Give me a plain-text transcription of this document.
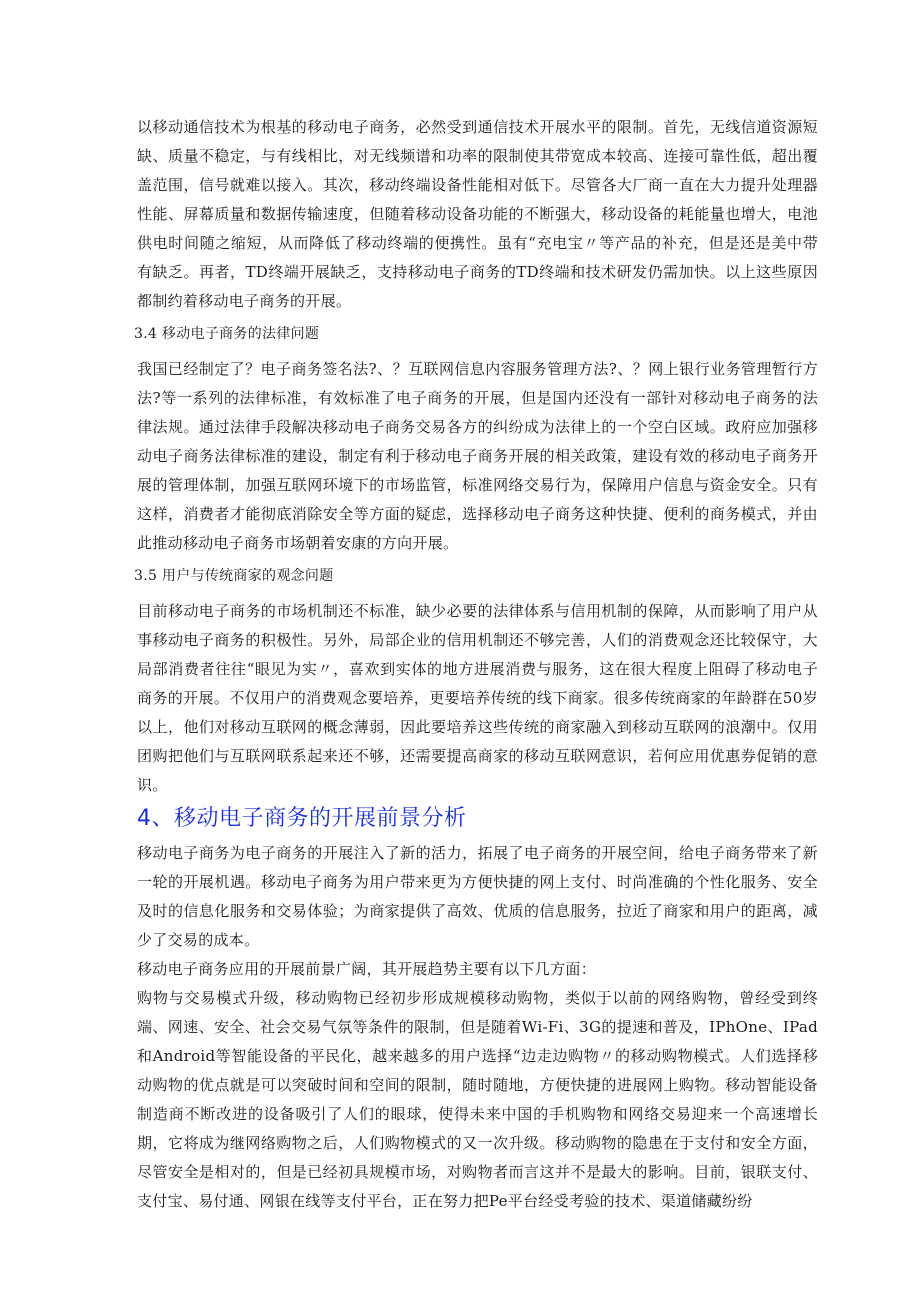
以移动通信技术为根基的移动电子商务，必然受到通信技术开展水平的限制。首先，无线信道资源短缺、质量不稳定，与有线相比，对无线频谱和功率的限制使其带宽成本较高、连接可靠性低，超出覆盖范围，信号就难以接入。其次，移动终端设备性能相对低下。尽管各大厂商一直在大力提升处理器性能、屏幕质量和数据传输速度，但随着移动设备功能的不断强大，移动设备的耗能量也增大，电池供电时间随之缩短，从而降低了移动终端的便携性。虽有“充电宝〃等产品的补充，但是还是美中带有缺乏。再者，TD终端开展缺乏，支持移动电子商务的TD终端和技术研发仍需加快。以上这些原因都制约着移动电子商务的开展。

3.4 移动电子商务的法律问题

我国已经制定了？电子商务签名法?、？互联网信息内容服务管理方法?、？网上银行业务管理暂行方法?等一系列的法律标准，有效标准了电子商务的开展，但是国内还没有一部针对移动电子商务的法律法规。通过法律手段解决移动电子商务交易各方的纠纷成为法律上的一个空白区域。政府应加强移动电子商务法律标准的建设，制定有利于移动电子商务开展的相关政策，建设有效的移动电子商务开展的管理体制，加强互联网环境下的市场监管，标准网络交易行为，保障用户信息与资金安全。只有这样，消费者才能彻底消除安全等方面的疑虑，选择移动电子商务这种快捷、便利的商务模式，并由此推动移动电子商务市场朝着安康的方向开展。

3.5 用户与传统商家的观念问题

目前移动电子商务的市场机制还不标准，缺少必要的法律体系与信用机制的保障，从而影响了用户从事移动电子商务的积极性。另外，局部企业的信用机制还不够完善，人们的消费观念还比较保守，大局部消费者往往“眼见为实〃，喜欢到实体的地方进展消费与服务，这在很大程度上阻碍了移动电子商务的开展。不仅用户的消费观念要培养，更要培养传统的线下商家。很多传统商家的年龄群在50岁以上，他们对移动互联网的概念薄弱，因此要培养这些传统的商家融入到移动互联网的浪潮中。仅用团购把他们与互联网联系起来还不够，还需要提高商家的移动互联网意识，若何应用优惠券促销的意识。

4、移动电子商务的开展前景分析

移动电子商务为电子商务的开展注入了新的活力，拓展了电子商务的开展空间，给电子商务带来了新一轮的开展机遇。移动电子商务为用户带来更为方便快捷的网上支付、时尚准确的个性化服务、安全及时的信息化服务和交易体验；为商家提供了高效、优质的信息服务，拉近了商家和用户的距离，减少了交易的成本。

移动电子商务应用的开展前景广阔，其开展趋势主要有以下几方面：

购物与交易模式升级，移动购物已经初步形成规模移动购物，类似于以前的网络购物，曾经受到终端、网速、安全、社会交易气氛等条件的限制，但是随着Wi-Fi、3G的提速和普及，IPhOne、IPad和Android等智能设备的平民化，越来越多的用户选择“边走边购物〃的移动购物模式。人们选择移动购物的优点就是可以突破时间和空间的限制，随时随地，方便快捷的进展网上购物。移动智能设备制造商不断改进的设备吸引了人们的眼球，使得未来中国的手机购物和网络交易迎来一个高速增长期，它将成为继网络购物之后，人们购物模式的又一次升级。移动购物的隐患在于支付和安全方面，尽管安全是相对的，但是已经初具规模市场，对购物者而言这并不是最大的影响。目前，银联支付、支付宝、易付通、网银在线等支付平台，正在努力把Pe平台经受考验的技术、渠道储藏纷纷
